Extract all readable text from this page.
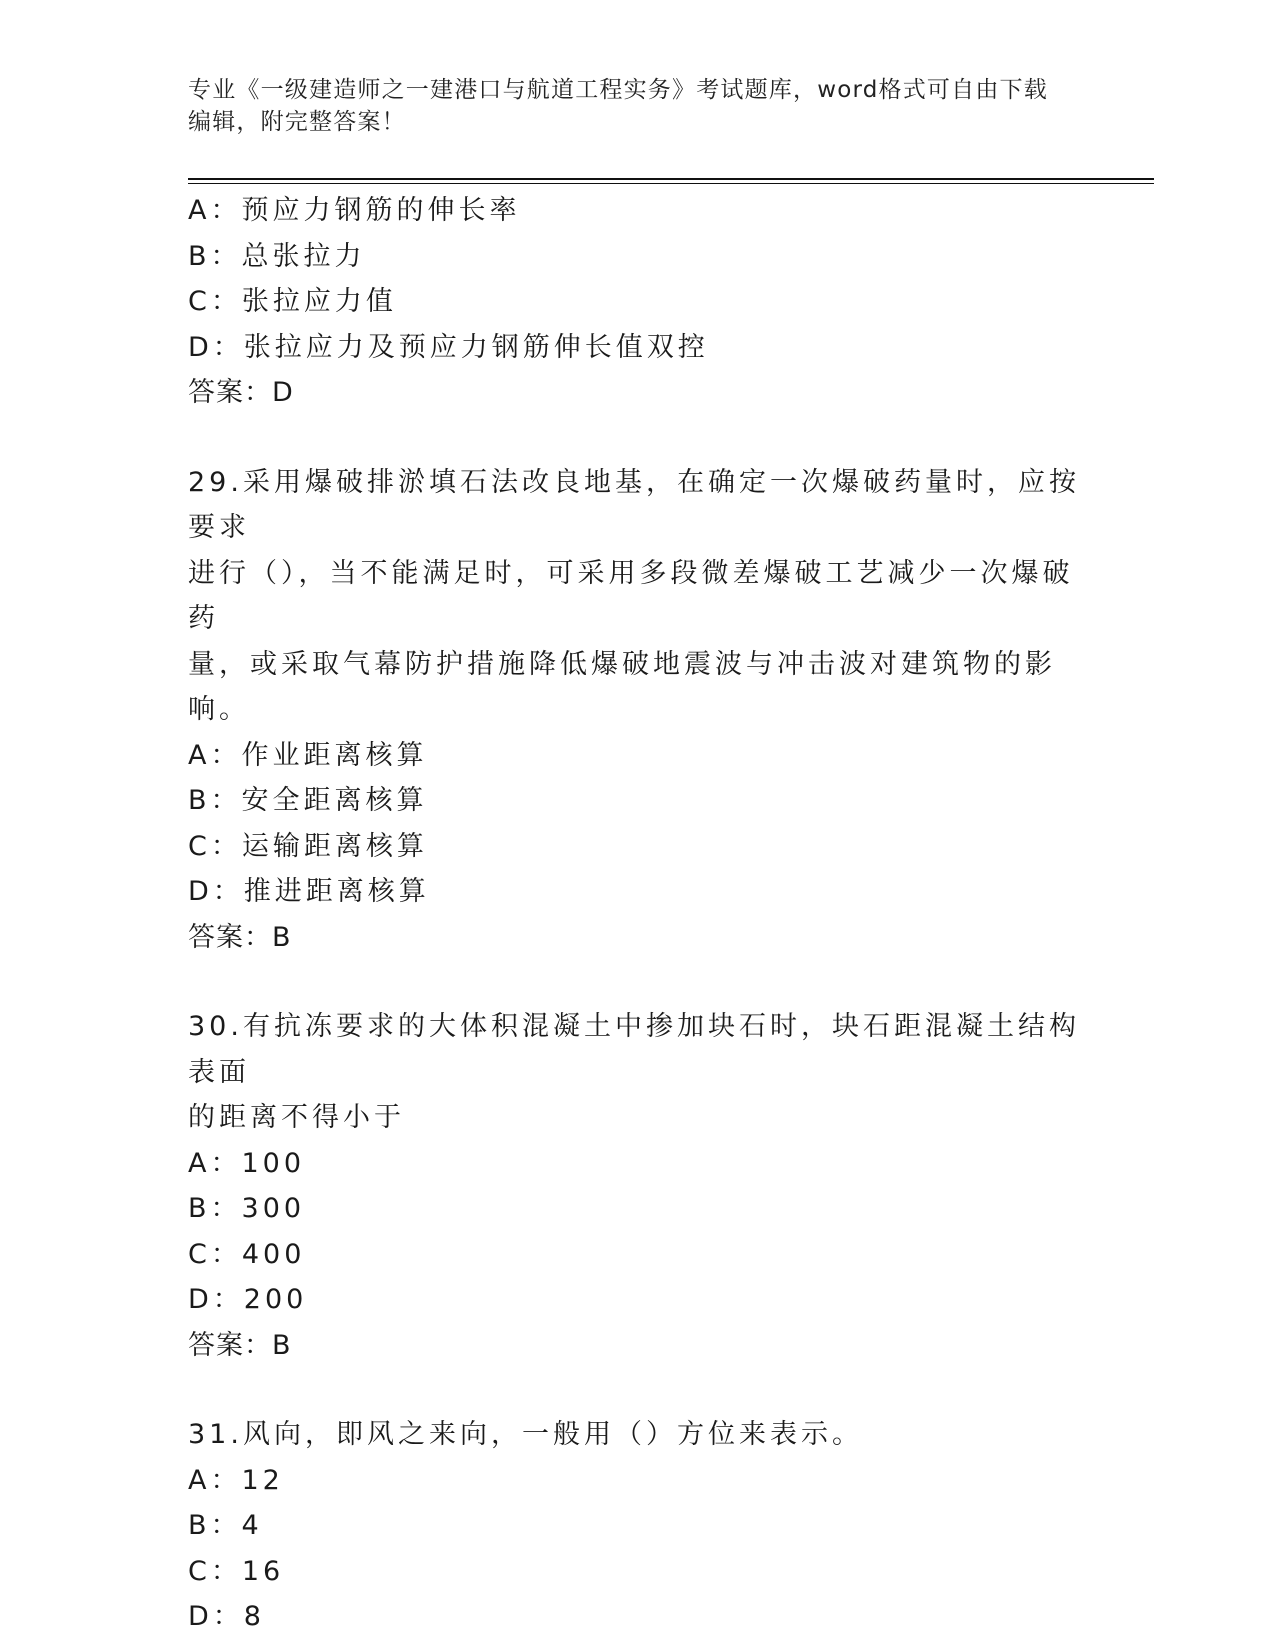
专业《一级建造师之一建港口与航道工程实务》考试题库，word格式可自由下载
编辑，附完整答案！
A：预应力钢筋的伸长率
B：总张拉力
C：张拉应力值
D：张拉应力及预应力钢筋伸长值双控
答案：D
29.采用爆破排淤填石法改良地基，在确定一次爆破药量时，应按要求
进行（），当不能满足时，可采用多段微差爆破工艺减少一次爆破药
量，或采取气幕防护措施降低爆破地震波与冲击波对建筑物的影响。
A：作业距离核算
B：安全距离核算
C：运输距离核算
D：推进距离核算
答案：B
30.有抗冻要求的大体积混凝土中掺加块石时，块石距混凝土结构表面
的距离不得小于
A：100
B：300
C：400
D：200
答案：B
31.风向，即风之来向，一般用（）方位来表示。
A：12
B：4
C：16
D：8
